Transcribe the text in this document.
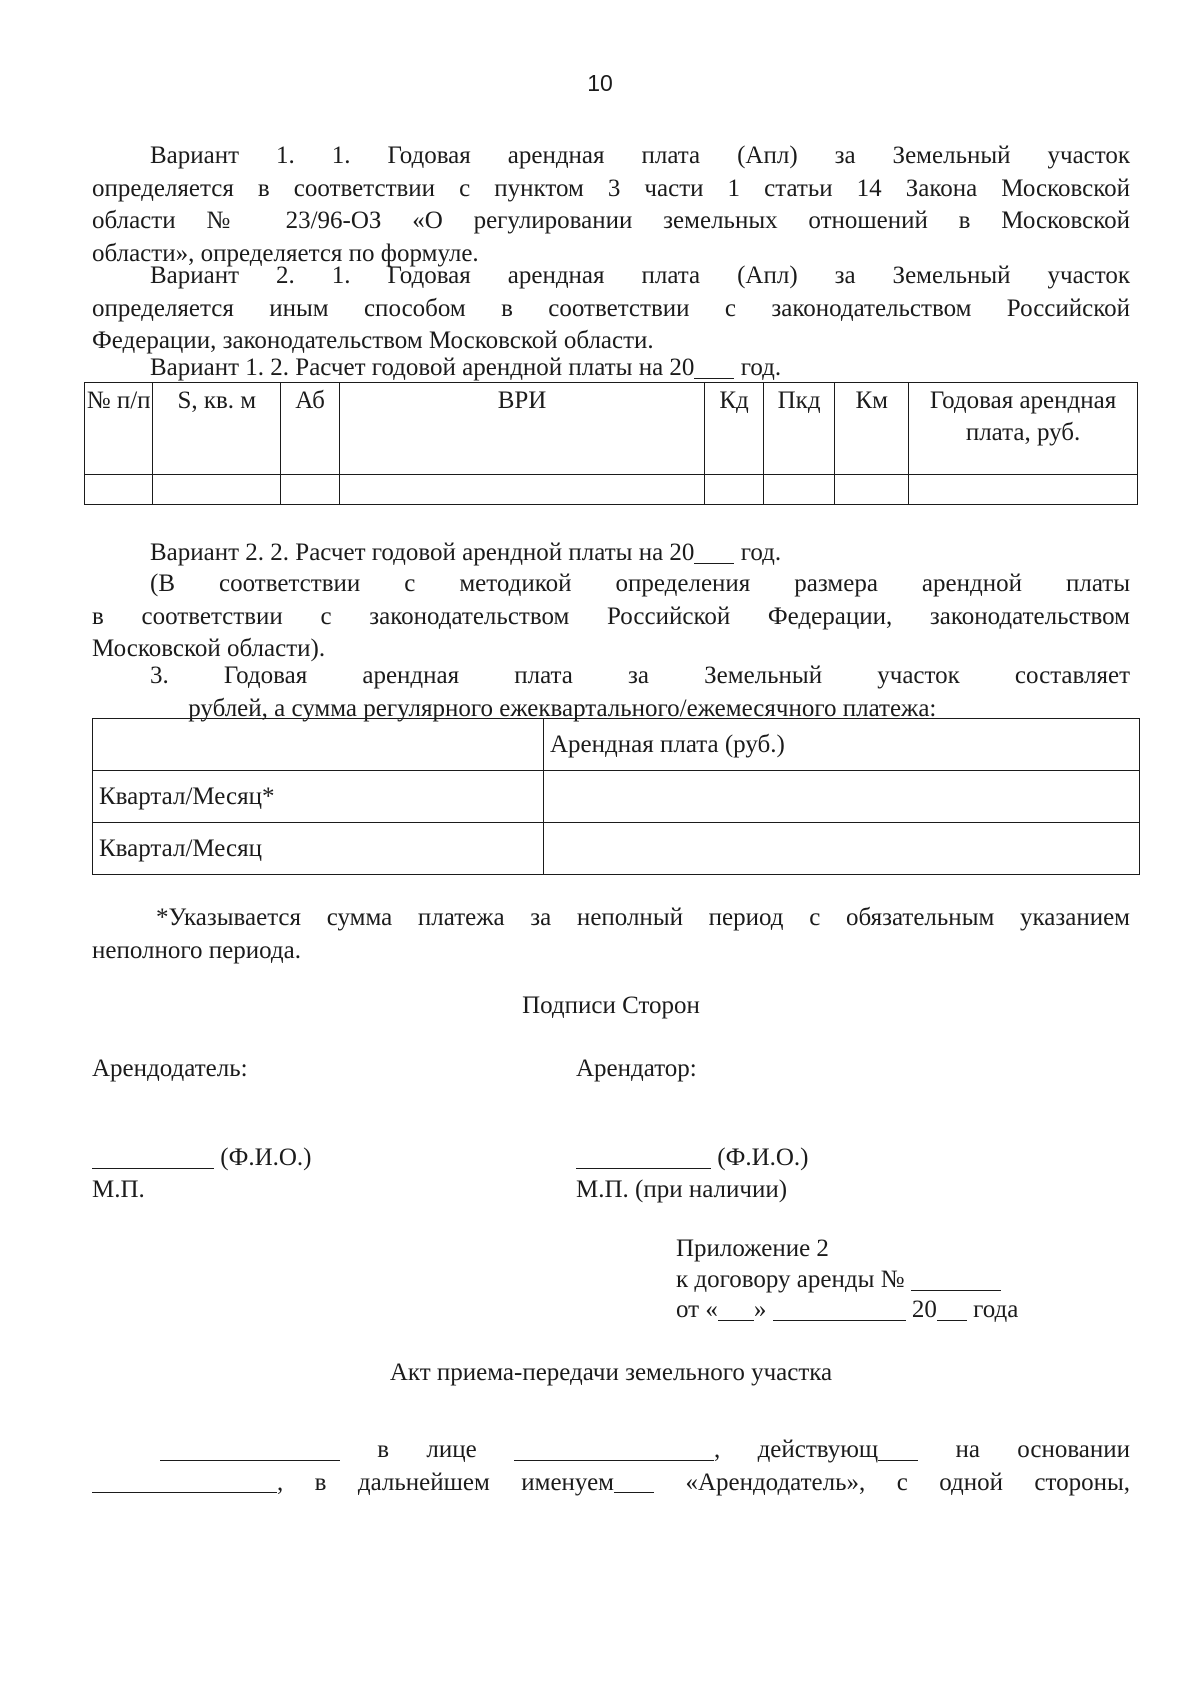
10
Вариант 1. 1. Годовая арендная плата (Апл) за Земельный участок
определяется в соответствии с пунктом 3 части 1 статьи 14 Закона Московской
области № 23/96-ОЗ «О регулировании земельных отношений в Московской
области», определяется по формуле.
Вариант 2. 1. Годовая арендная плата (Апл) за Земельный участок
определяется иным способом в соответствии с законодательством Российской
Федерации, законодательством Московской области.
Вариант 1. 2. Расчет годовой арендной платы на 20 год.
№ п/п	S, кв. м	Аб	ВРИ	Кд	Пкд	Км	Годовая арендная плата, руб.

Вариант 2. 2. Расчет годовой арендной платы на 20 год.
(В соответствии с методикой определения размера арендной платы
в соответствии с законодательством Российской Федерации, законодательством
Московской области).
3. Годовая арендная плата за Земельный участок составляет
рублей, а сумма регулярного ежеквартального/ежемесячного платежа:
	Арендная плата (руб.)
Квартал/Месяц*	
Квартал/Месяц	
*Указывается сумма платежа за неполный период с обязательным указанием
неполного периода.
Подписи Сторон
Арендодатель:	Арендатор:
(Ф.И.О.)
М.П.
(Ф.И.О.)
М.П. (при наличии)
Приложение 2
к договору аренды №
от « »	20 года
Акт приема-передачи земельного участка
в лице	, действующ	на основании
, в дальнейшем именуем	«Арендодатель», с одной стороны,
